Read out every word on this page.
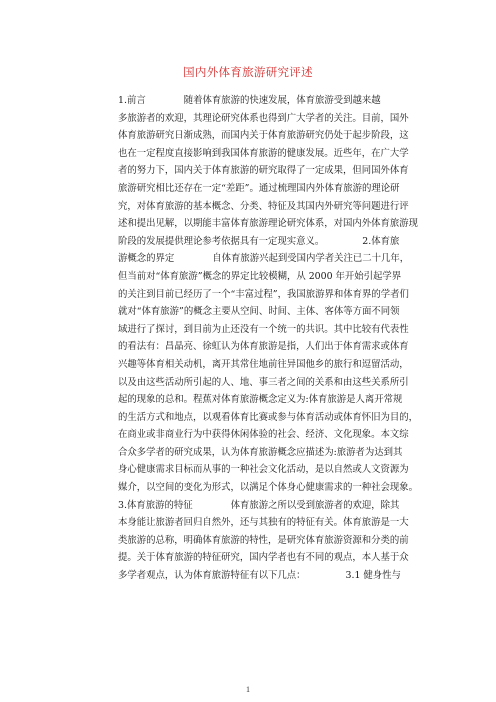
国内外体育旅游研究评述
1.前言	随着体育旅游的快速发展，体育旅游受到越来越
多旅游者的欢迎，其理论研究体系也得到广大学者的关注。目前，国外
体育旅游研究日渐成熟，而国内关于体育旅游研究仍处于起步阶段，这
也在一定程度直接影响到我国体育旅游的健康发展。近些年，在广大学
者的努力下，国内关于体育旅游的研究取得了一定成果，但同国外体育
旅游研究相比还存在一定“差距”。通过梳理国内外体育旅游的理论研
究，对体育旅游的基本概念、分类、特征及其国内外研究等问题进行评
述和提出见解，以期能丰富体育旅游理论研究体系，对国内外体育旅游现
阶段的发展提供理论参考依据具有一定现实意义。	2.体育旅
游概念的界定	自体育旅游兴起到受国内学者关注已二十几年，
但当前对“体育旅游”概念的界定比较模糊，从 2000 年开始引起学界
的关注到目前已经历了一个“丰富过程”，我国旅游界和体育界的学者们
就对“体育旅游”的概念主要从空间、时间、主体、客体等方面不同领
域进行了探讨，到目前为止还没有一个统一的共识。其中比较有代表性
的看法有：昌晶亮、徐虹认为体育旅游是指，人们出于体育需求或体育
兴趣等体育相关动机，离开其常住地前往异国他乡的旅行和逗留活动，
以及由这些活动所引起的人、地、事三者之间的关系和由这些关系所引
起的现象的总和。程蕉对体育旅游概念定义为:体育旅游是人离开常规
的生活方式和地点，以观看体育比赛或参与体育活动或体育怀旧为目的，
在商业或非商业行为中获得休闲体验的社会、经济、文化现象。本文综
合众多学者的研究成果，认为体育旅游概念应描述为:旅游者为达到其
身心健康需求目标而从事的一种社会文化活动，是以自然或人文资源为
媒介，以空间的变化为形式，以满足个体身心健康需求的一种社会现象。
3.体育旅游的特征	体育旅游之所以受到旅游者的欢迎，除其
本身能让旅游者回归自然外，还与其独有的特征有关。体育旅游是一大
类旅游的总称，明确体育旅游的特性，是研究体育旅游资源和分类的前
提。关于体育旅游的特征研究，国内学者也有不同的观点，本人基于众
多学者观点，认为体育旅游特征有以下几点：	3.1 健身性与
1
